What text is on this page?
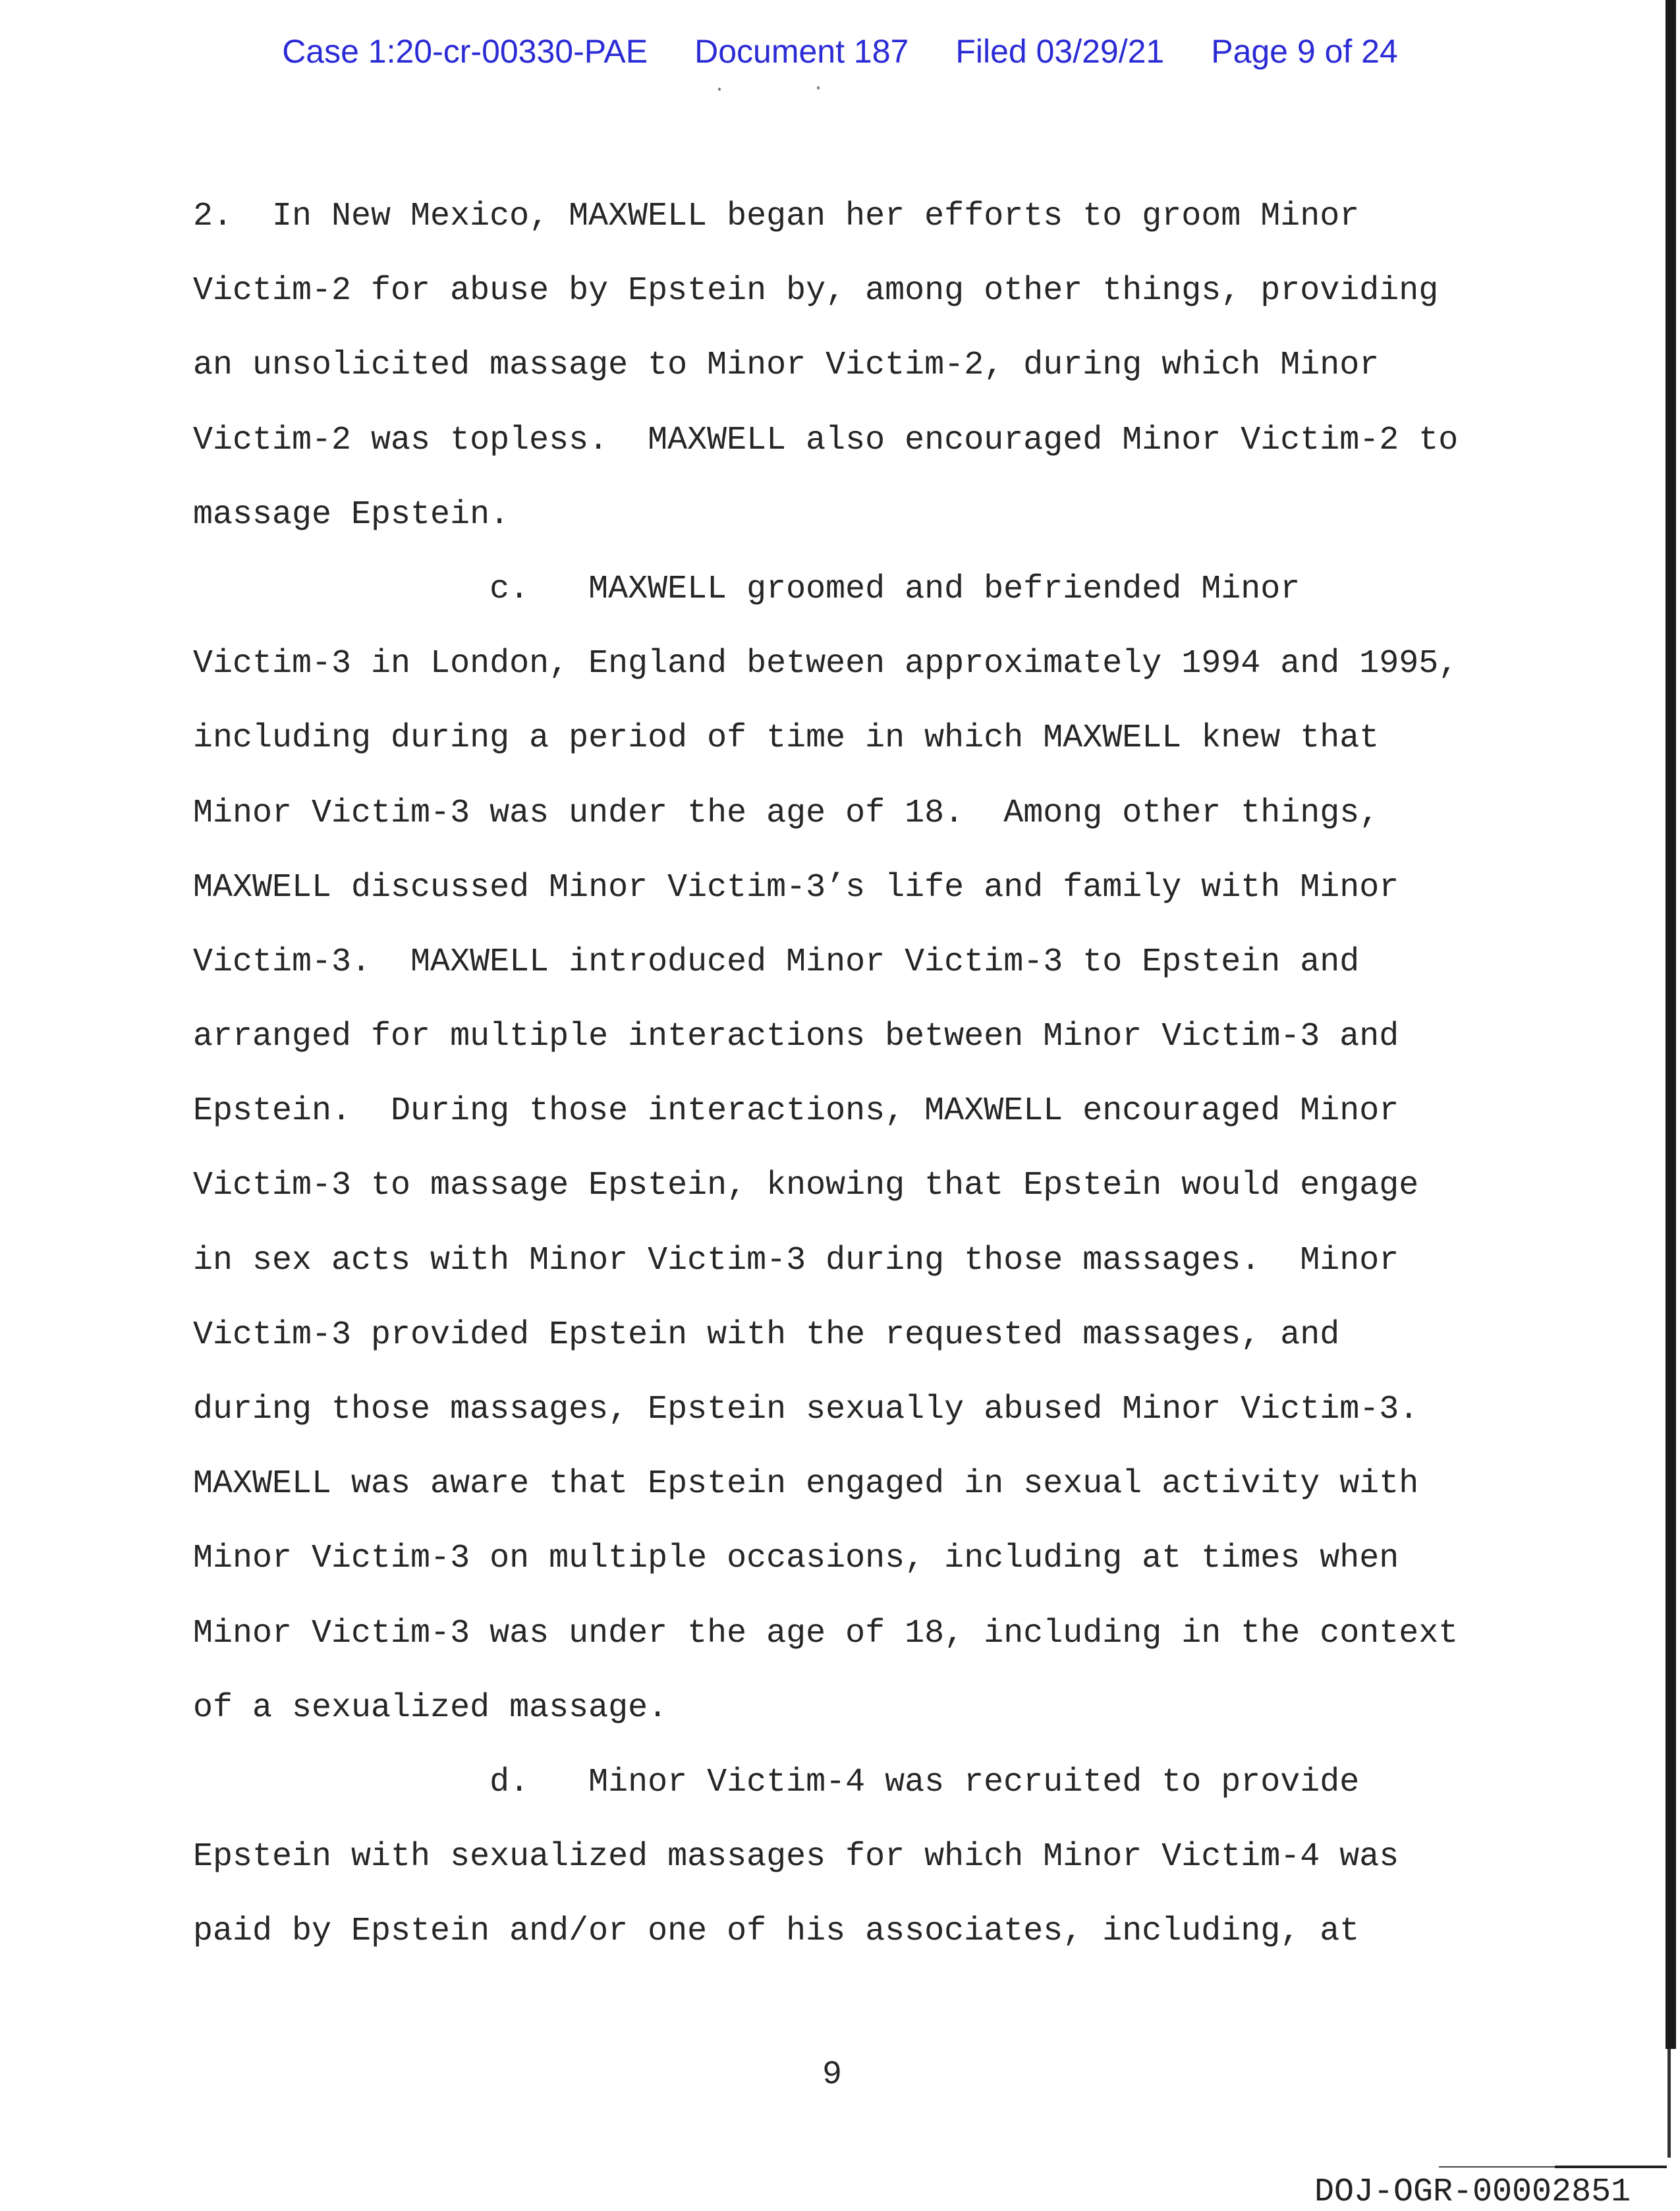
Case 1:20-cr-00330-PAE Document 187 Filed 03/29/21 Page 9 of 24
2.  In New Mexico, MAXWELL began her efforts to groom Minor
Victim-2 for abuse by Epstein by, among other things, providing
an unsolicited massage to Minor Victim-2, during which Minor
Victim-2 was topless.  MAXWELL also encouraged Minor Victim-2 to
massage Epstein.
c. MAXWELL groomed and befriended Minor
Victim-3 in London, England between approximately 1994 and 1995,
including during a period of time in which MAXWELL knew that
Minor Victim-3 was under the age of 18.  Among other things,
MAXWELL discussed Minor Victim-3’s life and family with Minor
Victim-3.  MAXWELL introduced Minor Victim-3 to Epstein and
arranged for multiple interactions between Minor Victim-3 and
Epstein.  During those interactions, MAXWELL encouraged Minor
Victim-3 to massage Epstein, knowing that Epstein would engage
in sex acts with Minor Victim-3 during those massages.  Minor
Victim-3 provided Epstein with the requested massages, and
during those massages, Epstein sexually abused Minor Victim-3.
MAXWELL was aware that Epstein engaged in sexual activity with
Minor Victim-3 on multiple occasions, including at times when
Minor Victim-3 was under the age of 18, including in the context
of a sexualized massage.
d. Minor Victim-4 was recruited to provide
Epstein with sexualized massages for which Minor Victim-4 was
paid by Epstein and/or one of his associates, including, at
9
DOJ-OGR-00002851
